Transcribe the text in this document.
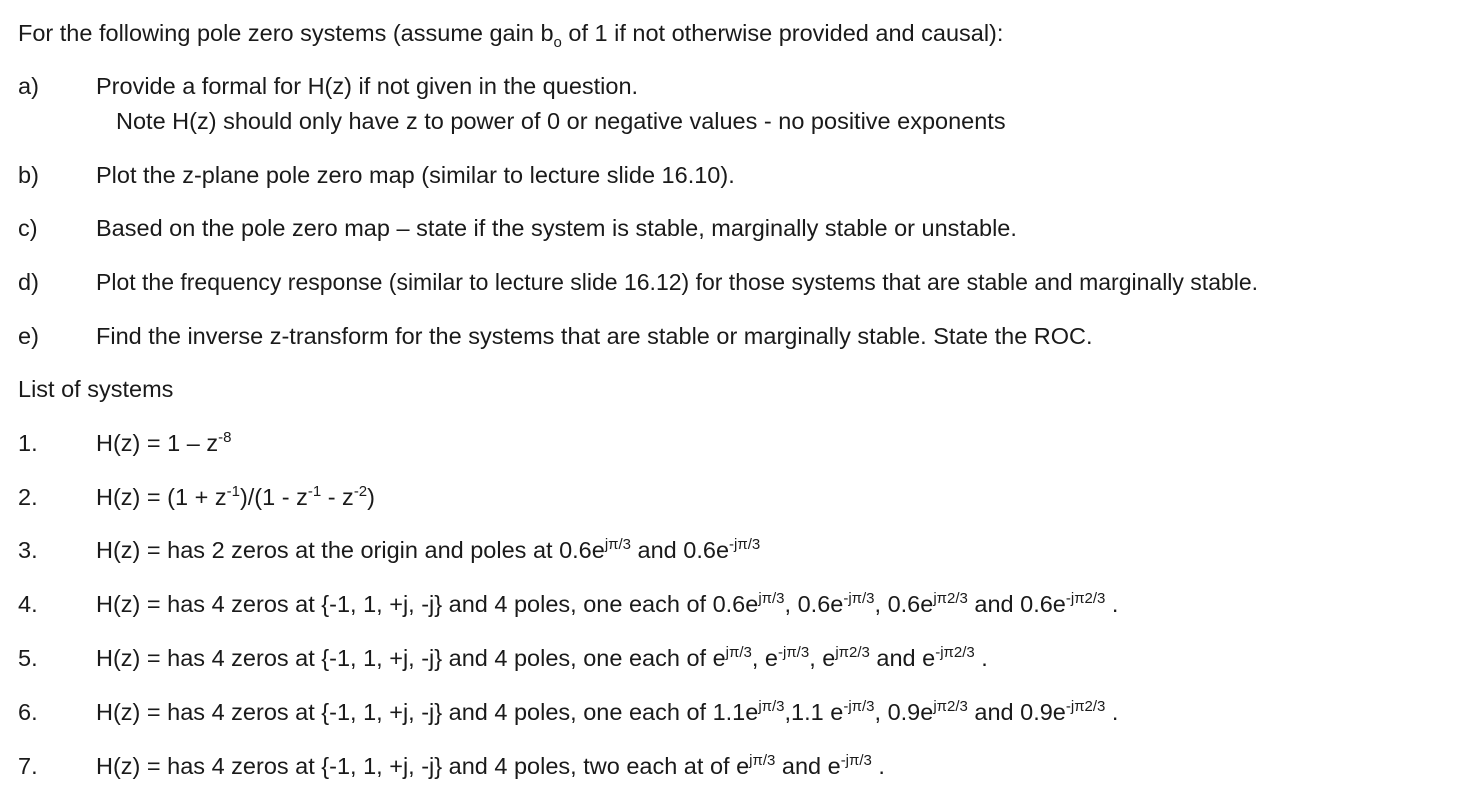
For the following pole zero systems (assume gain $b_o$ of 1 if not otherwise provided and causal):
a)	Provide a formal for H(z) if not given in the question.
Note H(z) should only have z to power of 0 or negative values - no positive exponents
b)	Plot the z-plane pole zero map (similar to lecture slide 16.10).
c)	Based on the pole zero map – state if the system is stable, marginally stable or unstable.
d)	Plot the frequency response (similar to lecture slide 16.12) for those systems that are stable and marginally stable.
e)	Find the inverse z-transform for the systems that are stable or marginally stable. State the ROC.
List of systems
1.	$H(z) = 1 - z^{-8}$
2.	$H(z) = (1 + z^{-1})/(1 - z^{-1} - z^{-2})$
3.	H(z) = has 2 zeros at the origin and poles at $0.6e^{j\pi/3}$ and $0.6e^{-j\pi/3}$
4.	H(z) = has 4 zeros at {-1, 1, +j, -j} and 4 poles, one each of $0.6e^{j\pi/3}$, $0.6e^{-j\pi/3}$, $0.6e^{j\pi 2/3}$ and $0.6e^{-j\pi 2/3}$ .
5.	H(z) = has 4 zeros at {-1, 1, +j, -j} and 4 poles, one each of $e^{j\pi/3}$, $e^{-j\pi/3}$, $e^{j\pi 2/3}$ and $e^{-j\pi 2/3}$ .
6.	H(z) = has 4 zeros at {-1, 1, +j, -j} and 4 poles, one each of $1.1e^{j\pi/3},1.1$ $e^{-j\pi/3}$, $0.9e^{j\pi 2/3}$ and $0.9e^{-j\pi 2/3}$ .
7.	H(z) = has 4 zeros at {-1, 1, +j, -j} and 4 poles, two each at of $e^{j\pi/3}$ and $e^{-j\pi/3}$ .
